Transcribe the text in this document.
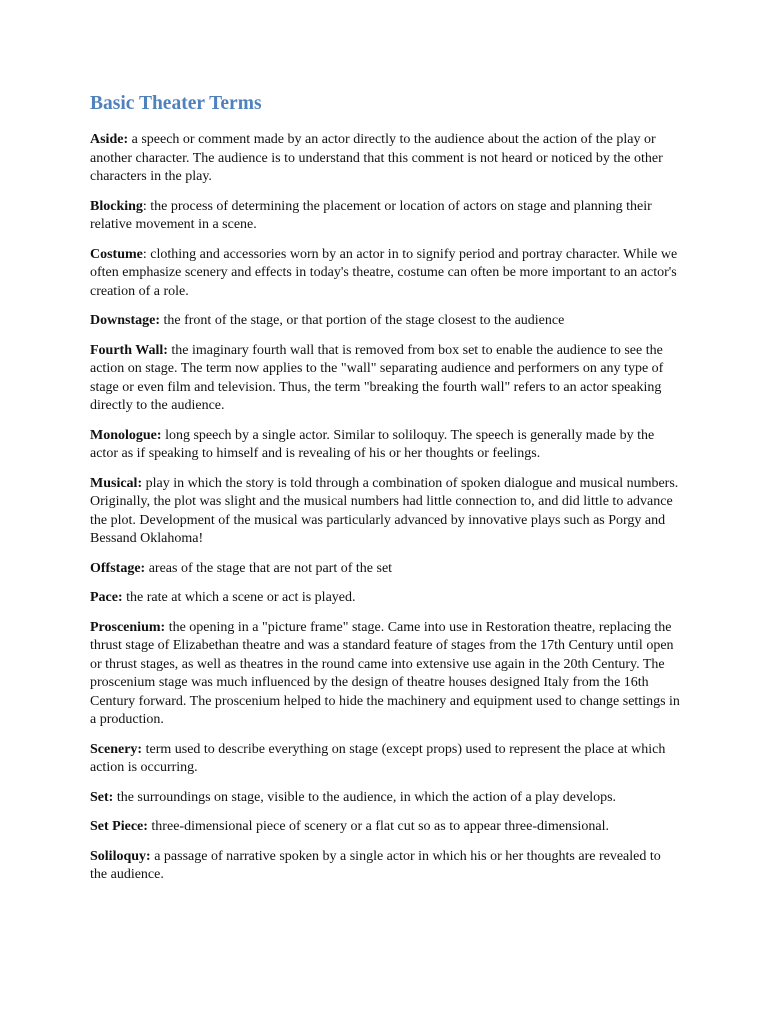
Basic Theater Terms

Aside: a speech or comment made by an actor directly to the audience about the action of the play or another character. The audience is to understand that this comment is not heard or noticed by the other characters in the play.

Blocking: the process of determining the placement or location of actors on stage and planning their relative movement in a scene.

Costume: clothing and accessories worn by an actor in to signify period and portray character. While we often emphasize scenery and effects in today's theatre, costume can often be more important to an actor's creation of a role.

Downstage: the front of the stage, or that portion of the stage closest to the audience

Fourth Wall: the imaginary fourth wall that is removed from box set to enable the audience to see the action on stage. The term now applies to the "wall" separating audience and performers on any type of stage or even film and television. Thus, the term "breaking the fourth wall" refers to an actor speaking directly to the audience.

Monologue: long speech by a single actor. Similar to soliloquy. The speech is generally made by the actor as if speaking to himself and is revealing of his or her thoughts or feelings.

Musical: play in which the story is told through a combination of spoken dialogue and musical numbers. Originally, the plot was slight and the musical numbers had little connection to, and did little to advance the plot. Development of the musical was particularly advanced by innovative plays such as Porgy and Bessand Oklahoma!

Offstage: areas of the stage that are not part of the set

Pace: the rate at which a scene or act is played.

Proscenium: the opening in a "picture frame" stage. Came into use in Restoration theatre, replacing the thrust stage of Elizabethan theatre and was a standard feature of stages from the 17th Century until open or thrust stages, as well as theatres in the round came into extensive use again in the 20th Century. The proscenium stage was much influenced by the design of theatre houses designed Italy from the 16th Century forward. The proscenium helped to hide the machinery and equipment used to change settings in a production.

Scenery: term used to describe everything on stage (except props) used to represent the place at which action is occurring.

Set: the surroundings on stage, visible to the audience, in which the action of a play develops.

Set Piece: three-dimensional piece of scenery or a flat cut so as to appear three-dimensional.

Soliloquy: a passage of narrative spoken by a single actor in which his or her thoughts are revealed to the audience.
